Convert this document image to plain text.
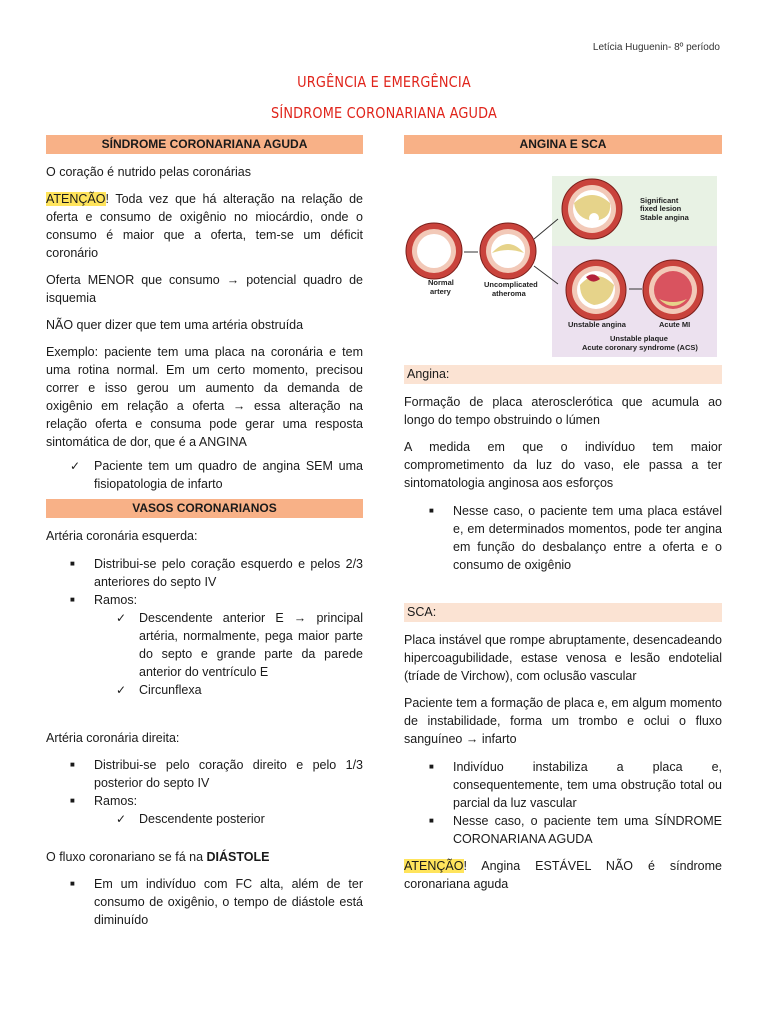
Letícia Huguenin- 8º período
URGÊNCIA E EMERGÊNCIA
SÍNDROME CORONARIANA AGUDA
SÍNDROME CORONARIANA AGUDA

O coração é nutrido pelas coronárias

ATENÇÃO! Toda vez que há alteração na relação de oferta e consumo de oxigênio no miocárdio, onde o consumo é maior que a oferta, tem-se um déficit coronário

Oferta MENOR que consumo → potencial quadro de isquemia

NÃO quer dizer que tem uma artéria obstruída

Exemplo: paciente tem uma placa na coronária e tem uma rotina normal. Em um certo momento, precisou correr e isso gerou um aumento da demanda de oxigênio em relação a oferta → essa alteração na relação oferta e consuma pode gerar uma resposta sintomática de dor, que é a ANGINA

✓ Paciente tem um quadro de angina SEM uma fisiopatologia de infarto
VASOS CORONARIANOS

Artéria coronária esquerda:

■ Distribui-se pelo coração esquerdo e pelos 2/3 anteriores do septo IV
■ Ramos:
✓ Descendente anterior E → principal artéria, normalmente, pega maior parte do septo e grande parte da parede anterior do ventrículo E
✓ Circunflexa

Artéria coronária direita:

■ Distribui-se pelo coração direito e pelo 1/3 posterior do septo IV
■ Ramos:
✓ Descendente posterior

O fluxo coronariano se fá na DIÁSTOLE

■ Em um indivíduo com FC alta, além de ter consumo de oxigênio, o tempo de diástole está diminuído
ANGINA E SCA
Normal
artery
Uncomplicated
atheroma
Significant
fixed lesion
Stable angina
Unstable angina	Acute MI
Unstable plaque
Acute coronary syndrome (ACS)
Angina:

Formação de placa aterosclerótica que acumula ao longo do tempo obstruindo o lúmen

A medida em que o indivíduo tem maior comprometimento da luz do vaso, ele passa a ter sintomatologia anginosa aos esforços

■ Nesse caso, o paciente tem uma placa estável e, em determinados momentos, pode ter angina em função do desbalanço entre a oferta e o consumo de oxigênio
SCA:

Placa instável que rompe abruptamente, desencadeando hipercoagubilidade, estase venosa e lesão endotelial (tríade de Virchow), com oclusão vascular

Paciente tem a formação de placa e, em algum momento de instabilidade, forma um trombo e oclui o fluxo sanguíneo → infarto

■ Indivíduo instabiliza a placa e, consequentemente, tem uma obstrução total ou parcial da luz vascular
■ Nesse caso, o paciente tem uma SÍNDROME CORONARIANA AGUDA

ATENÇÃO! Angina ESTÁVEL NÃO é síndrome coronariana aguda
